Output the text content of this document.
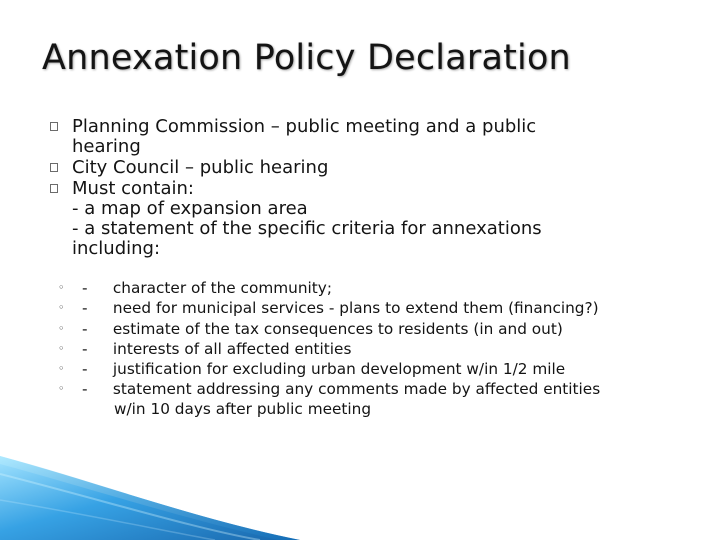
Annexation Policy Declaration
Planning Commission – public meeting and a public
hearing
City Council – public hearing
Must contain:
- a map of expansion area
- a statement of the specific criteria for annexations
including:
◦ - character of the community;
◦ - need for municipal services - plans to extend them (financing?)
◦ - estimate of the tax consequences to residents (in and out)
◦ - interests of all affected entities
◦ - justification for excluding urban development w/in 1/2 mile
◦ - statement addressing any comments made by affected entities
w/in 10 days after public meeting
